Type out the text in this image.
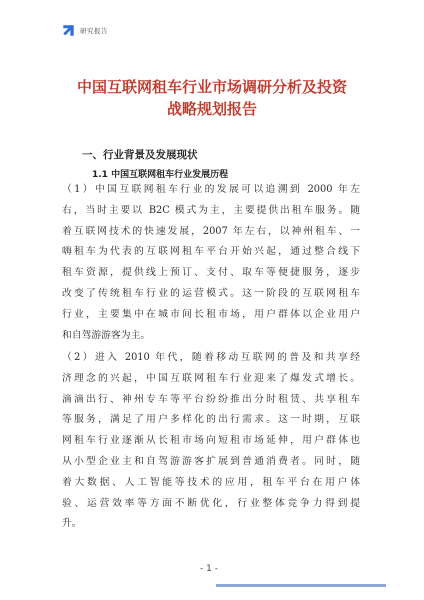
研究报告
中国互联网租车行业市场调研分析及投资
战略规划报告
一、行业背景及发展现状
1.1 中国互联网租车行业发展历程
（1）中国互联网租车行业的发展可以追溯到 2000 年左
右，当时主要以 B2C 模式为主，主要提供出租车服务。随
着互联网技术的快速发展，2007 年左右，以神州租车、一
嗨租车为代表的互联网租车平台开始兴起，通过整合线下
租车资源，提供线上预订、支付、取车等便捷服务，逐步
改变了传统租车行业的运营模式。这一阶段的互联网租车
行业，主要集中在城市间长租市场，用户群体以企业用户
和自驾游游客为主。
（2）进入 2010 年代，随着移动互联网的普及和共享经
济理念的兴起，中国互联网租车行业迎来了爆发式增长。
滴滴出行、神州专车等平台纷纷推出分时租赁、共享租车
等服务，满足了用户多样化的出行需求。这一时期，互联
网租车行业逐渐从长租市场向短租市场延伸，用户群体也
从小型企业主和自驾游游客扩展到普通消费者。同时，随
着大数据、人工智能等技术的应用，租车平台在用户体
验、运营效率等方面不断优化，行业整体竞争力得到提
升。
- 1 -
